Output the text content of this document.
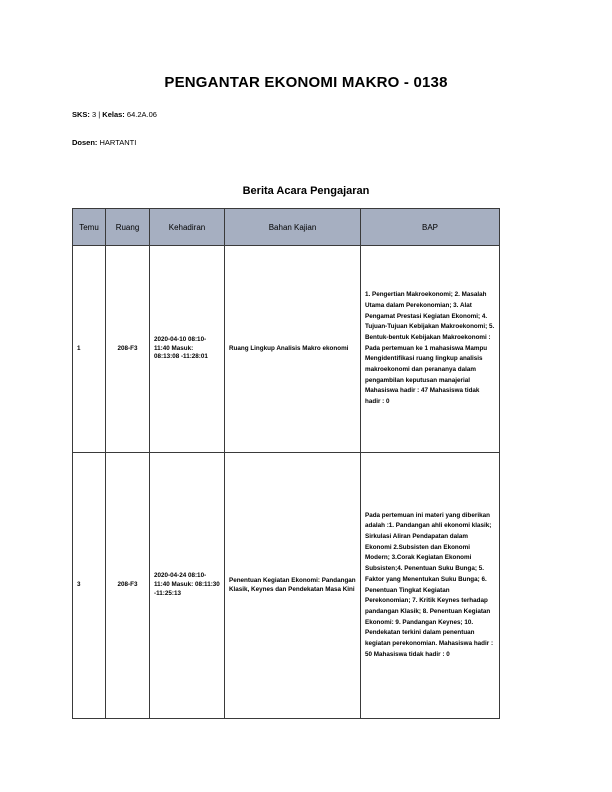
PENGANTAR EKONOMI MAKRO - 0138
SKS: 3 | Kelas: 64.2A.06
Dosen: HARTANTI
Berita Acara Pengajaran
Temu	Ruang	Kehadiran	Bahan Kajian	BAP
1	208-F3	2020-04-10 08:10-11:40 Masuk: 08:13:08 -11:28:01	Ruang Lingkup Analisis Makro ekonomi	1. Pengertian Makroekonomi; 2. Masalah Utama dalam Perekonomian; 3. Alat Pengamat Prestasi Kegiatan Ekonomi; 4. Tujuan-Tujuan Kebijakan Makroekonomi; 5. Bentuk-bentuk Kebijakan Makroekonomi : Pada pertemuan ke 1 mahasiswa Mampu Mengidentifikasi ruang lingkup analisis makroekonomi dan perananya dalam pengambilan keputusan manajerial Mahasiswa hadir : 47 Mahasiswa tidak hadir : 0
3	208-F3	2020-04-24 08:10-11:40 Masuk: 08:11:30 -11:25:13	Penentuan Kegiatan Ekonomi: Pandangan Klasik, Keynes dan Pendekatan Masa Kini	Pada pertemuan ini materi yang diberikan adalah :1. Pandangan ahli ekonomi klasik; Sirkulasi Aliran Pendapatan dalam Ekonomi 2.Subsisten dan Ekonomi Modern; 3.Corak Kegiatan Ekonomi Subsisten;4. Penentuan Suku Bunga; 5. Faktor yang Menentukan Suku Bunga; 6. Penentuan Tingkat Kegiatan Perekonomian; 7. Kritik Keynes terhadap pandangan Klasik; 8. Penentuan Kegiatan Ekonomi: 9. Pandangan Keynes; 10. Pendekatan terkini dalam penentuan kegiatan perekonomian. Mahasiswa hadir : 50 Mahasiswa tidak hadir : 0
